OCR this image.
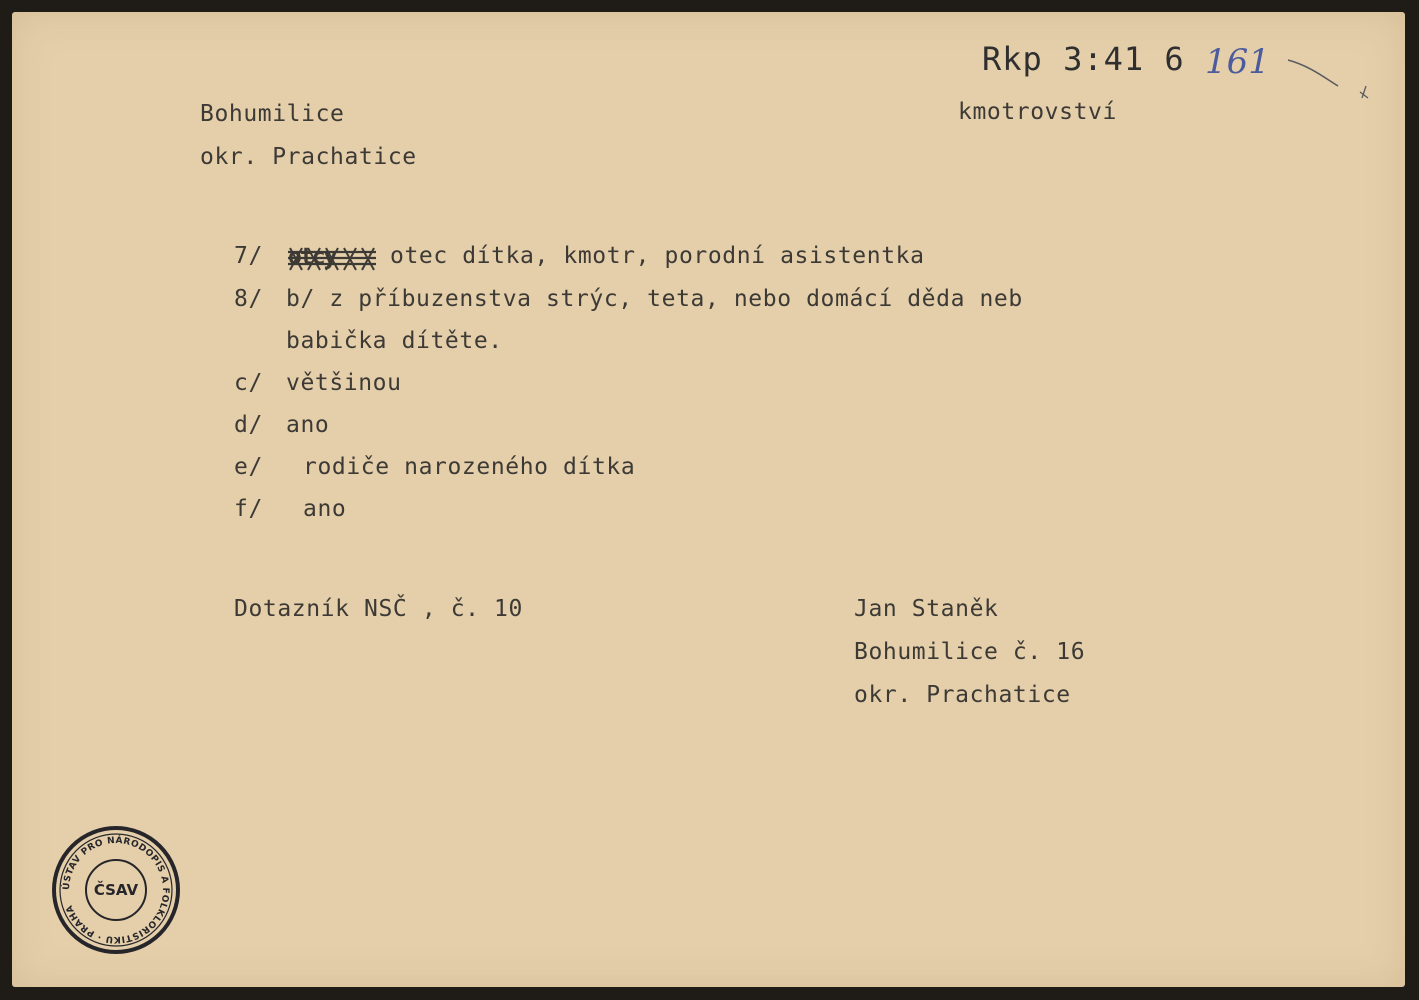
Rkp 3:41 6 161
Bohumilice
okr. Prachatice
kmotrovství
7/	otec dítka, kmotr, porodní asistentka
8/ b/ z příbuzenstva strýc, teta, nebo domácí děda neb
babička dítěte.
c/ většinou
d/ ano
e/ rodiče narozeného dítka
f/ ano
Dotazník NSČ , č. 10	Jan Staněk
Bohumilice č. 16
okr. Prachatice
ÚSTAV PRO NÁRODOPIS A FOLKLORISTIKU · PRAHA
ČSAV
